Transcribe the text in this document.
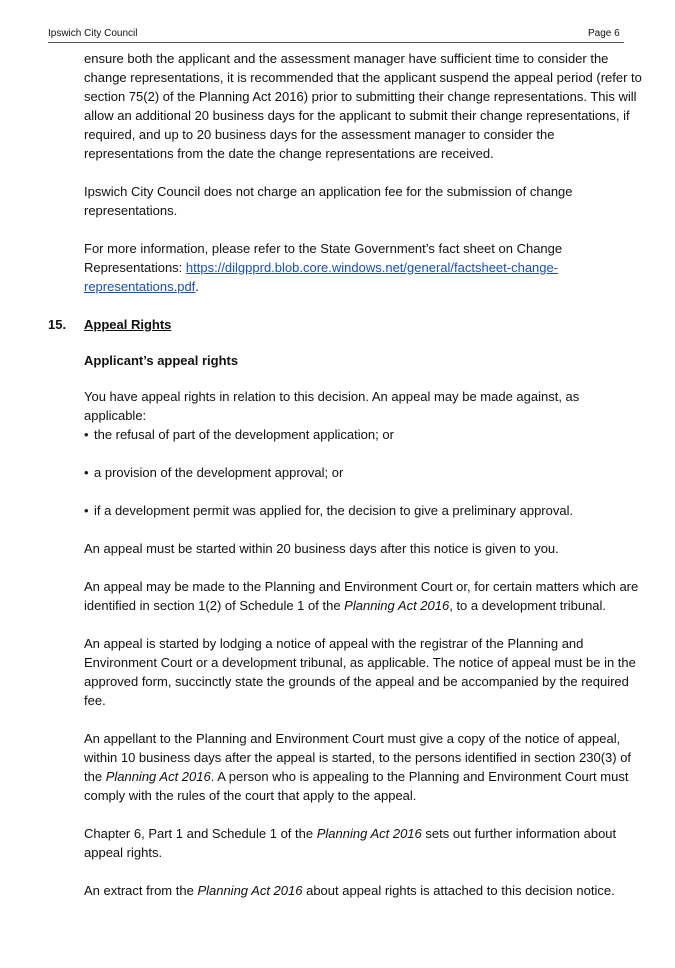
Ipswich City Council	Page 6

ensure both the applicant and the assessment manager have sufficient time to consider the change representations, it is recommended that the applicant suspend the appeal period (refer to section 75(2) of the Planning Act 2016) prior to submitting their change representations. This will allow an additional 20 business days for the applicant to submit their change representations, if required, and up to 20 business days for the assessment manager to consider the representations from the date the change representations are received.

Ipswich City Council does not charge an application fee for the submission of change representations.

For more information, please refer to the State Government’s fact sheet on Change Representations: https://dilgpprd.blob.core.windows.net/general/factsheet-change-representations.pdf.

15. Appeal Rights
Applicant’s appeal rights

You have appeal rights in relation to this decision. An appeal may be made against, as applicable:

• the refusal of part of the development application; or

• a provision of the development approval; or

• if a development permit was applied for, the decision to give a preliminary approval.

An appeal must be started within 20 business days after this notice is given to you.

An appeal may be made to the Planning and Environment Court or, for certain matters which are identified in section 1(2) of Schedule 1 of the Planning Act 2016, to a development tribunal.

An appeal is started by lodging a notice of appeal with the registrar of the Planning and Environment Court or a development tribunal, as applicable. The notice of appeal must be in the approved form, succinctly state the grounds of the appeal and be accompanied by the required fee.

An appellant to the Planning and Environment Court must give a copy of the notice of appeal, within 10 business days after the appeal is started, to the persons identified in section 230(3) of the Planning Act 2016. A person who is appealing to the Planning and Environment Court must comply with the rules of the court that apply to the appeal.

Chapter 6, Part 1 and Schedule 1 of the Planning Act 2016 sets out further information about appeal rights.

An extract from the Planning Act 2016 about appeal rights is attached to this decision notice.
